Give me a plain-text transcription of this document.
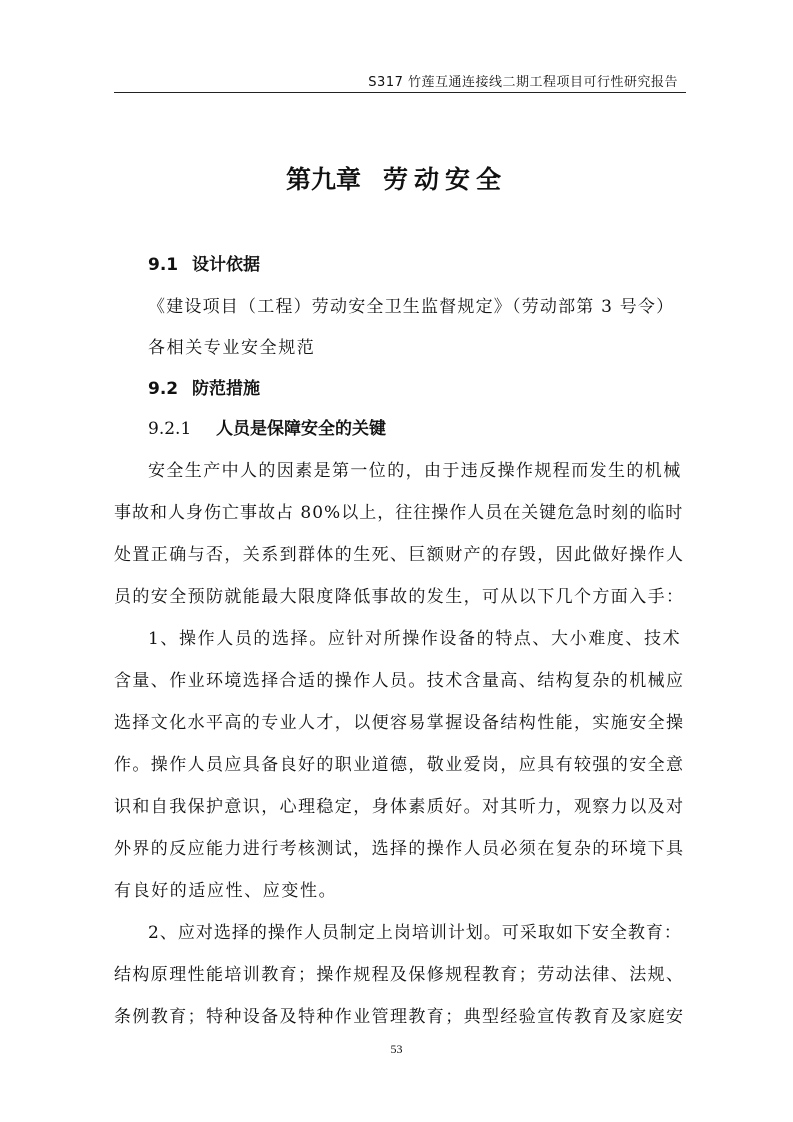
S317 竹莲互通连接线二期工程项目可行性研究报告
第九章 劳动安全
9.1 设计依据
《建设项目（工程）劳动安全卫生监督规定》（劳动部第 3 号令）
各相关专业安全规范
9.2 防范措施
9.2.1 人员是保障安全的关键
安全生产中人的因素是第一位的，由于违反操作规程而发生的机械
事故和人身伤亡事故占 80%以上，往往操作人员在关键危急时刻的临时
处置正确与否，关系到群体的生死、巨额财产的存毁，因此做好操作人
员的安全预防就能最大限度降低事故的发生，可从以下几个方面入手：
1、操作人员的选择。应针对所操作设备的特点、大小难度、技术
含量、作业环境选择合适的操作人员。技术含量高、结构复杂的机械应
选择文化水平高的专业人才，以便容易掌握设备结构性能，实施安全操
作。操作人员应具备良好的职业道德，敬业爱岗，应具有较强的安全意
识和自我保护意识，心理稳定，身体素质好。对其听力，观察力以及对
外界的反应能力进行考核测试，选择的操作人员必须在复杂的环境下具
有良好的适应性、应变性。
2、应对选择的操作人员制定上岗培训计划。可采取如下安全教育：
结构原理性能培训教育；操作规程及保修规程教育；劳动法律、法规、
条例教育；特种设备及特种作业管理教育；典型经验宣传教育及家庭安
53
